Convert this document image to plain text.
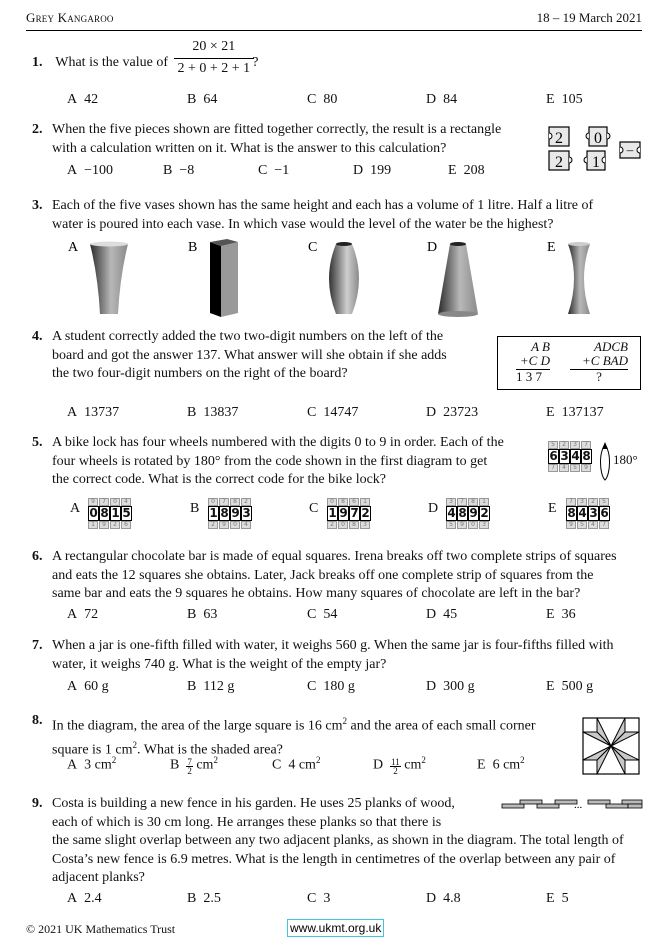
Grey Kangaroo	18 – 19 March 2021
1. What is the value of $\frac{20 \times 21}{2 + 0 + 2 + 1}$
?
A 42	B 64	C 80	D 84	E 105
2. When the five pieces shown are fitted together correctly, the result is a rectangle
with a calculation written on it. What is the answer to this calculation?
A −100	B −8	C −1	D 199	E 208
2 0
2 1
–
3. Each of the five vases shown has the same height and each has a volume of 1 litre. Half a litre of
water is poured into each vase. In which vase would the level of the water be the highest?
A	B	C	D	E
4. A student correctly added the two two-digit numbers on the left of the
board and got the answer 137. What answer will she obtain if she adds
the two four-digit numbers on the right of the board?
A B
+C D
1 3 7
ADCB
+C BAD
?
A 13737	B 13837	C 14747	D 23723	E 137137
5. A bike lock has four wheels numbered with the digits 0 to 9 in order. Each of the
four wheels is rotated by 180° from the code shown in the first diagram to get
the correct code. What is the correct code for the bike lock?
5	2	3	7
6 3 4 8
7	4	5	9
180°
A	9	7	0	4
0 8 1 5
1	9	2	6
B	0	7	8	2
1 8 9 3
2	9	0	4
C	0	8	6	1
1 9 7 2
2	0	8	3
D	3	7	8	1
4 8 9 2
5	9	0	3
E	7	3	2	5
8 4 3 6
9	5	4	7
6. A rectangular chocolate bar is made of equal squares. Irena breaks off two complete strips of squares
and eats the 12 squares she obtains. Later, Jack breaks off one complete strip of squares from the
same bar and eats the 9 squares he obtains. How many squares of chocolate are left in the bar?
A 72	B 63	C 54	D 45	E 36
7. When a jar is one-fifth filled with water, it weighs 560 g. When the same jar is four-fifths filled with
water, it weighs 740 g. What is the weight of the empty jar?
A 60 g	B 112 g	C 180 g	D 300 g	E 500 g
8. In the diagram, the area of the large square is 16 $cm^2$ and the area of each small corner
square is 1 $cm^2$. What is the shaded area?
A 3 $cm^2$	B $\frac{7}{2} cm^2$	C 4 $cm^2$	D $\frac{11}{2} cm^2$	E 6 $cm^2$
9. Costa is building a new fence in his garden. He uses 25 planks of wood,
each of which is 30 cm long. He arranges these planks so that there is
the same slight overlap between any two adjacent planks, as shown in the diagram. The total length of
Costa’s new fence is 6.9 metres. What is the length in centimetres of the overlap between any pair of
adjacent planks?
...
A 2.4	B 2.5	C 3	D 4.8	E 5
© 2021 UK Mathematics Trust	www.ukmt.org.uk
